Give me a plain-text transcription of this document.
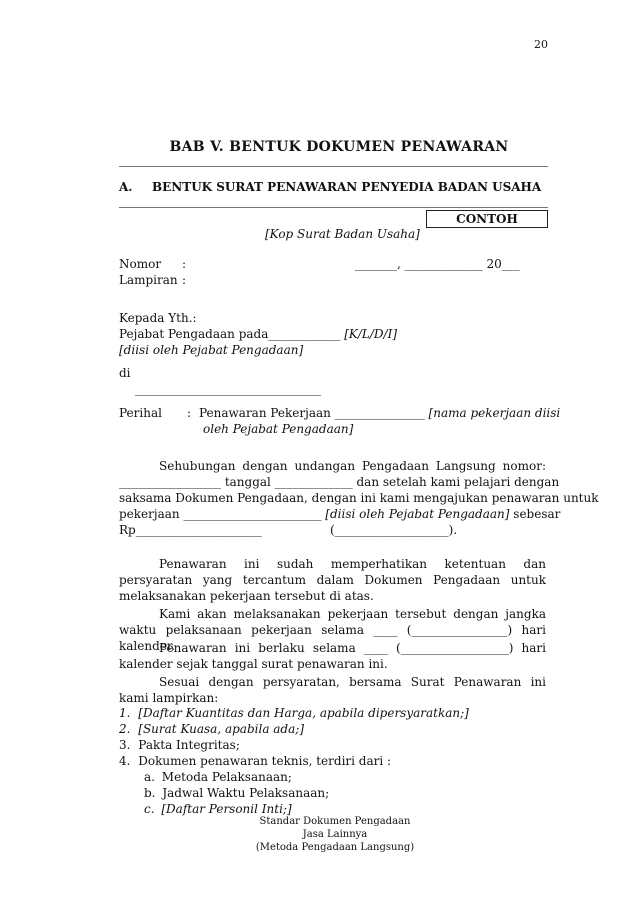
20
BAB V. BENTUK DOKUMEN PENAWARAN
A. BENTUK SURAT PENAWARAN PENYEDIA BADAN USAHA
CONTOH
[Kop Surat Badan Usaha]
Nomor :	_______, _____________ 20___
Lampiran :
Kepada Yth.:
Pejabat Pengadaan pada____________ [K/L/D/I]
[diisi oleh Pejabat Pengadaan]
di
_______________________________
Perihal : Penawaran Pekerjaan _______________ [nama pekerjaan diisi
oleh Pejabat Pengadaan]
Sehubungan dengan undangan Pengadaan Langsung nomor:
_________________ tanggal _____________ dan setelah kami pelajari dengan
saksama Dokumen Pengadaan, dengan ini kami mengajukan penawaran untuk
pekerjaan _______________________ [diisi oleh Pejabat Pengadaan] sebesar
Rp_____________________	(___________________).
Penawaran ini sudah memperhatikan ketentuan dan persyaratan yang tercantum dalam Dokumen Pengadaan untuk melaksanakan pekerjaan tersebut di atas.
Kami akan melaksanakan pekerjaan tersebut dengan jangka waktu pelaksanaan pekerjaan selama ____ (________________) hari kalender.
Penawaran ini berlaku selama ____ (__________________) hari kalender sejak tanggal surat penawaran ini.
Sesuai dengan persyaratan, bersama Surat Penawaran ini kami lampirkan:
1. [Daftar Kuantitas dan Harga, apabila dipersyaratkan;]
2. [Surat Kuasa, apabila ada;]
3. Pakta Integritas;
4. Dokumen penawaran teknis, terdiri dari :
a. Metoda Pelaksanaan;
b. Jadwal Waktu Pelaksanaan;
c. [Daftar Personil Inti;]
Standar Dokumen Pengadaan
Jasa Lainnya
(Metoda Pengadaan Langsung)
